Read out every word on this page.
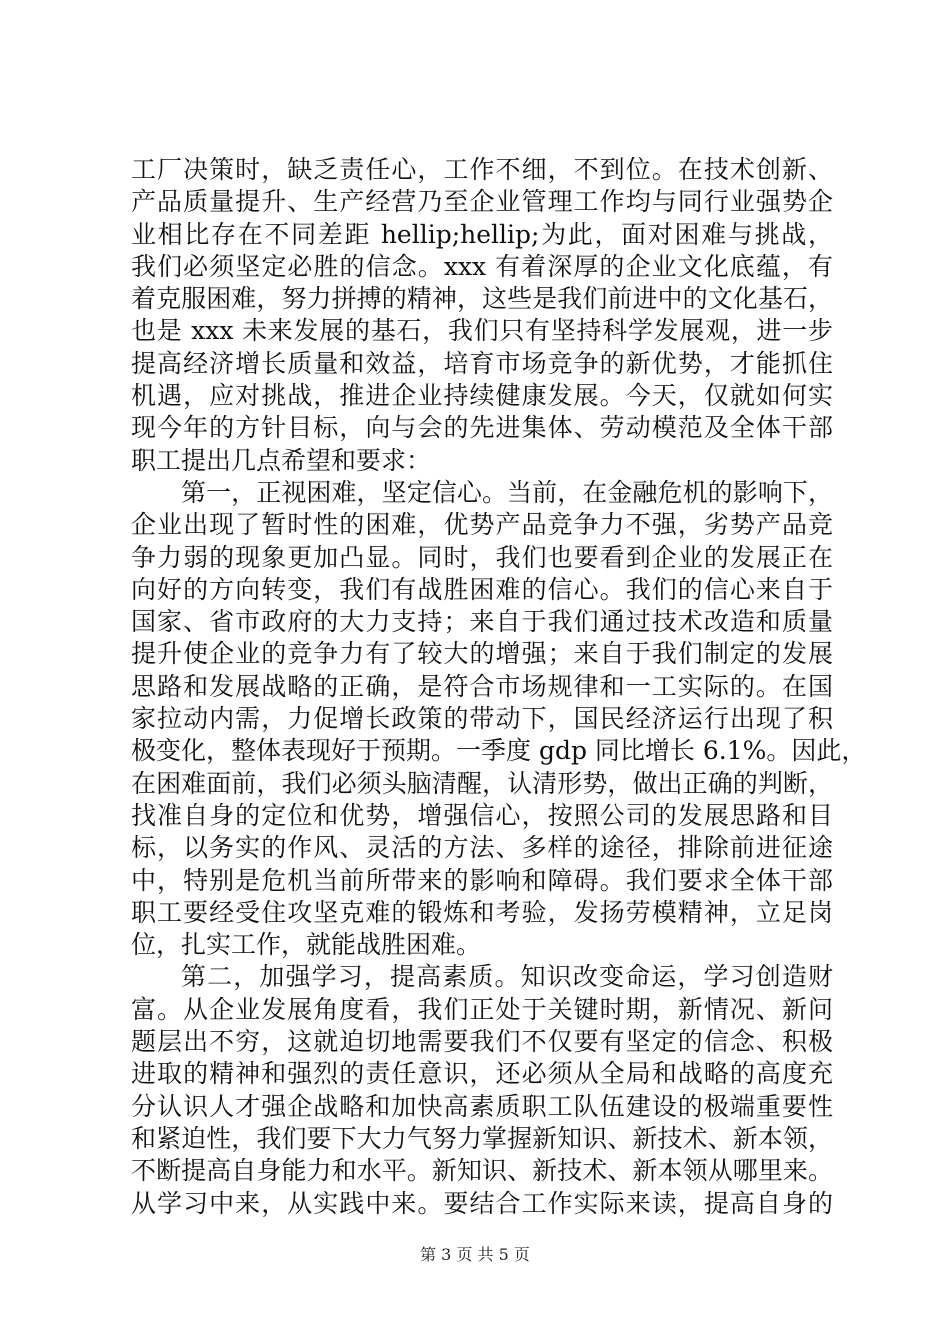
工厂决策时，缺乏责任心，工作不细，不到位。在技术创新、
产品质量提升、生产经营乃至企业管理工作均与同行业强势企
业相比存在不同差距 hellip;hellip;为此，面对困难与挑战，
我们必须坚定必胜的信念。xxx 有着深厚的企业文化底蕴，有
着克服困难，努力拼搏的精神，这些是我们前进中的文化基石，
也是 xxx 未来发展的基石，我们只有坚持科学发展观，进一步
提高经济增长质量和效益，培育市场竞争的新优势，才能抓住
机遇，应对挑战，推进企业持续健康发展。今天，仅就如何实
现今年的方针目标，向与会的先进集体、劳动模范及全体干部
职工提出几点希望和要求：
第一，正视困难，坚定信心。当前，在金融危机的影响下，
企业出现了暂时性的困难，优势产品竞争力不强，劣势产品竞
争力弱的现象更加凸显。同时，我们也要看到企业的发展正在
向好的方向转变，我们有战胜困难的信心。我们的信心来自于
国家、省市政府的大力支持；来自于我们通过技术改造和质量
提升使企业的竞争力有了较大的增强；来自于我们制定的发展
思路和发展战略的正确，是符合市场规律和一工实际的。在国
家拉动内需，力促增长政策的带动下，国民经济运行出现了积
极变化，整体表现好于预期。一季度 gdp 同比增长 6.1%。因此，
在困难面前，我们必须头脑清醒，认清形势，做出正确的判断，
找准自身的定位和优势，增强信心，按照公司的发展思路和目
标，以务实的作风、灵活的方法、多样的途径，排除前进征途
中，特别是危机当前所带来的影响和障碍。我们要求全体干部
职工要经受住攻坚克难的锻炼和考验，发扬劳模精神，立足岗
位，扎实工作，就能战胜困难。
第二，加强学习，提高素质。知识改变命运，学习创造财
富。从企业发展角度看，我们正处于关键时期，新情况、新问
题层出不穷，这就迫切地需要我们不仅要有坚定的信念、积极
进取的精神和强烈的责任意识，还必须从全局和战略的高度充
分认识人才强企战略和加快高素质职工队伍建设的极端重要性
和紧迫性，我们要下大力气努力掌握新知识、新技术、新本领，
不断提高自身能力和水平。新知识、新技术、新本领从哪里来。
从学习中来，从实践中来。要结合工作实际来读，提高自身的
第 3 页 共 5 页
